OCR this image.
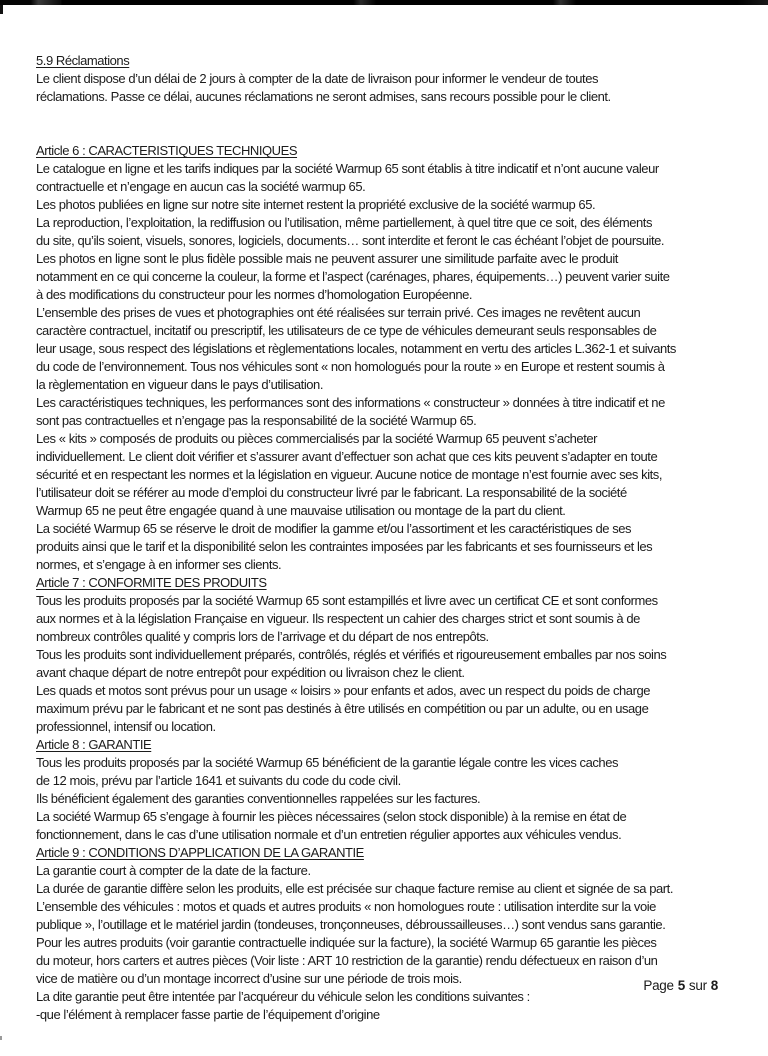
5.9 Réclamations
Le client dispose d’un délai de 2 jours à compter de la date de livraison pour informer le vendeur de toutes
réclamations. Passe ce délai, aucunes réclamations ne seront admises, sans recours possible pour le client.
Article 6 : CARACTERISTIQUES TECHNIQUES
Le catalogue en ligne et les tarifs indiques par la société Warmup 65 sont établis à titre indicatif et n’ont aucune valeur
contractuelle et n’engage en aucun cas la société warmup 65.
Les photos publiées en ligne sur notre site internet restent la propriété exclusive de la société warmup 65.
La reproduction, l’exploitation, la rediffusion ou l’utilisation, même partiellement, à quel titre que ce soit, des éléments
du site, qu’ils soient, visuels, sonores, logiciels, documents… sont interdite et feront le cas échéant l’objet de poursuite.
Les photos en ligne sont le plus fidèle possible mais ne peuvent assurer une similitude parfaite avec le produit
notamment en ce qui concerne la couleur, la forme et l’aspect (carénages, phares, équipements…) peuvent varier suite
à des modifications du constructeur pour les normes d’homologation Européenne.
L’ensemble des prises de vues et photographies ont été réalisées sur terrain privé. Ces images ne revêtent aucun
caractère contractuel, incitatif ou prescriptif, les utilisateurs de ce type de véhicules demeurant seuls responsables de
leur usage, sous respect des législations et règlementations locales, notamment en vertu des articles L.362-1 et suivants
du code de l’environnement. Tous nos véhicules sont « non homologués pour la route » en Europe et restent soumis à
la règlementation en vigueur dans le pays d’utilisation.
Les caractéristiques techniques, les performances sont des informations « constructeur » données à titre indicatif et ne
sont pas contractuelles et n’engage pas la responsabilité de la société Warmup 65.
Les « kits » composés de produits ou pièces commercialisés par la société Warmup 65 peuvent s’acheter
individuellement. Le client doit vérifier et s’assurer avant d’effectuer son achat que ces kits peuvent s’adapter en toute
sécurité et en respectant les normes et la législation en vigueur. Aucune notice de montage n’est fournie avec ses kits,
l’utilisateur doit se référer au mode d’emploi du constructeur livré par le fabricant. La responsabilité de la société
Warmup 65 ne peut être engagée quand à une mauvaise utilisation ou montage de la part du client.
La société Warmup 65 se réserve le droit de modifier la gamme et/ou l’assortiment et les caractéristiques de ses
produits ainsi que le tarif et la disponibilité selon les contraintes imposées par les fabricants et ses fournisseurs et les
normes, et s’engage à en informer ses clients.
Article 7 : CONFORMITE DES PRODUITS
Tous les produits proposés par la société Warmup 65 sont estampillés et livre avec un certificat CE et sont conformes
aux normes et à la législation Française en vigueur. Ils respectent un cahier des charges strict et sont soumis à de
nombreux contrôles qualité y compris lors de l’arrivage et du départ de nos entrepôts.
Tous les produits sont individuellement préparés, contrôlés, réglés et vérifiés et rigoureusement emballes par nos soins
avant chaque départ de notre entrepôt pour expédition ou livraison chez le client.
Les quads et motos sont prévus pour un usage « loisirs » pour enfants et ados, avec un respect du poids de charge
maximum prévu par le fabricant et ne sont pas destinés à être utilisés en compétition ou par un adulte, ou en usage
professionnel, intensif ou location.
Article 8 : GARANTIE
Tous les produits proposés par la société Warmup 65 bénéficient de la garantie légale contre les vices caches
de 12 mois, prévu par l’article 1641 et suivants du code du code civil.
Ils bénéficient également des garanties conventionnelles rappelées sur les factures.
La société Warmup 65 s’engage à fournir les pièces nécessaires (selon stock disponible) à la remise en état de
fonctionnement, dans le cas d’une utilisation normale et d’un entretien régulier apportes aux véhicules vendus.
Article 9 : CONDITIONS D’APPLICATION DE LA GARANTIE
La garantie court à compter de la date de la facture.
La durée de garantie diffère selon les produits, elle est précisée sur chaque facture remise au client et signée de sa part.
L’ensemble des véhicules : motos et quads et autres produits « non homologues route : utilisation interdite sur la voie
publique », l’outillage et le matériel jardin (tondeuses, tronçonneuses, débroussailleuses…) sont vendus sans garantie.
Pour les autres produits (voir garantie contractuelle indiquée sur la facture), la société Warmup 65 garantie les pièces
du moteur, hors carters et autres pièces (Voir liste : ART 10 restriction de la garantie) rendu défectueux en raison d’un
vice de matière ou d’un montage incorrect d’usine sur une période de trois mois.
La dite garantie peut être intentée par l’acquéreur du véhicule selon les conditions suivantes :
-que l’élément à remplacer fasse partie de l’équipement d’origine
Page 5 sur 8
